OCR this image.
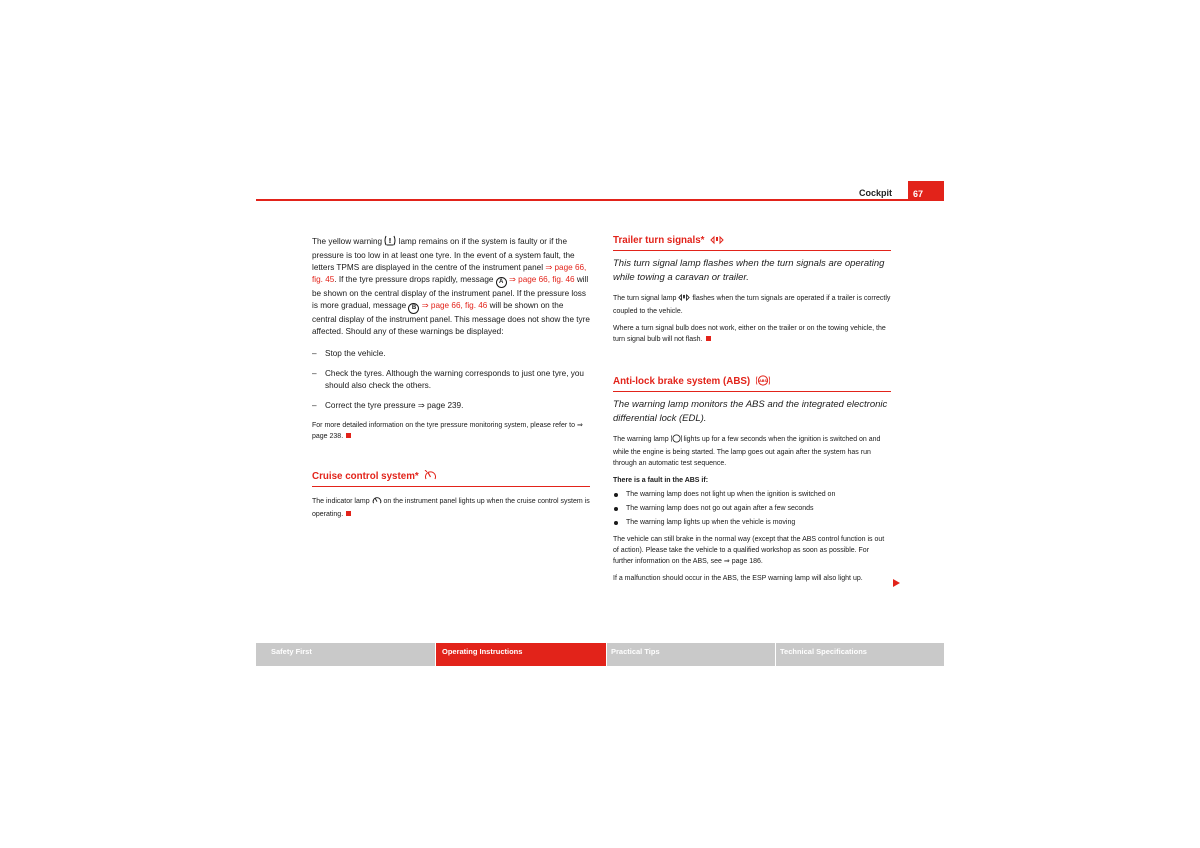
Cockpit	67

The yellow warning ! lamp remains on if the system is faulty or if the pressure is too low in at least one tyre. In the event of a system fault, the letters TPMS are displayed in the centre of the instrument panel ⇒ page 66, fig. 45. If the tyre pressure drops rapidly, message A ⇒ page 66, fig. 46 will be shown on the central display of the instrument panel. If the pressure loss is more gradual, message B ⇒ page 66, fig. 46 will be shown on the central display of the instrument panel. This message does not show the tyre affected. Should any of these warnings be displayed:

– Stop the vehicle.
– Check the tyres. Although the warning corresponds to just one tyre, you should also check the others.
– Correct the tyre pressure ⇒ page 239.

For more detailed information on the tyre pressure monitoring system, please refer to ⇒ page 238.

Cruise control system*

The indicator lamp on the instrument panel lights up when the cruise control system is operating.

Trailer turn signals*

This turn signal lamp flashes when the turn signals are operating while towing a caravan or trailer.

The turn signal lamp flashes when the turn signals are operated if a trailer is correctly coupled to the vehicle.

Where a turn signal bulb does not work, either on the trailer or on the towing vehicle, the turn signal bulb will not flash.

Anti-lock brake system (ABS) ABS

The warning lamp monitors the ABS and the integrated electronic differential lock (EDL).

The warning lamp lights up for a few seconds when the ignition is switched on and while the engine is being started. The lamp goes out again after the system has run through an automatic test sequence.

There is a fault in the ABS if:

The warning lamp does not light up when the ignition is switched on
The warning lamp does not go out again after a few seconds
The warning lamp lights up when the vehicle is moving

The vehicle can still brake in the normal way (except that the ABS control function is out of action). Please take the vehicle to a qualified workshop as soon as possible. For further information on the ABS, see ⇒ page 186.

If a malfunction should occur in the ABS, the ESP warning lamp will also light up.

Safety First	Operating Instructions	Practical Tips	Technical Specifications
